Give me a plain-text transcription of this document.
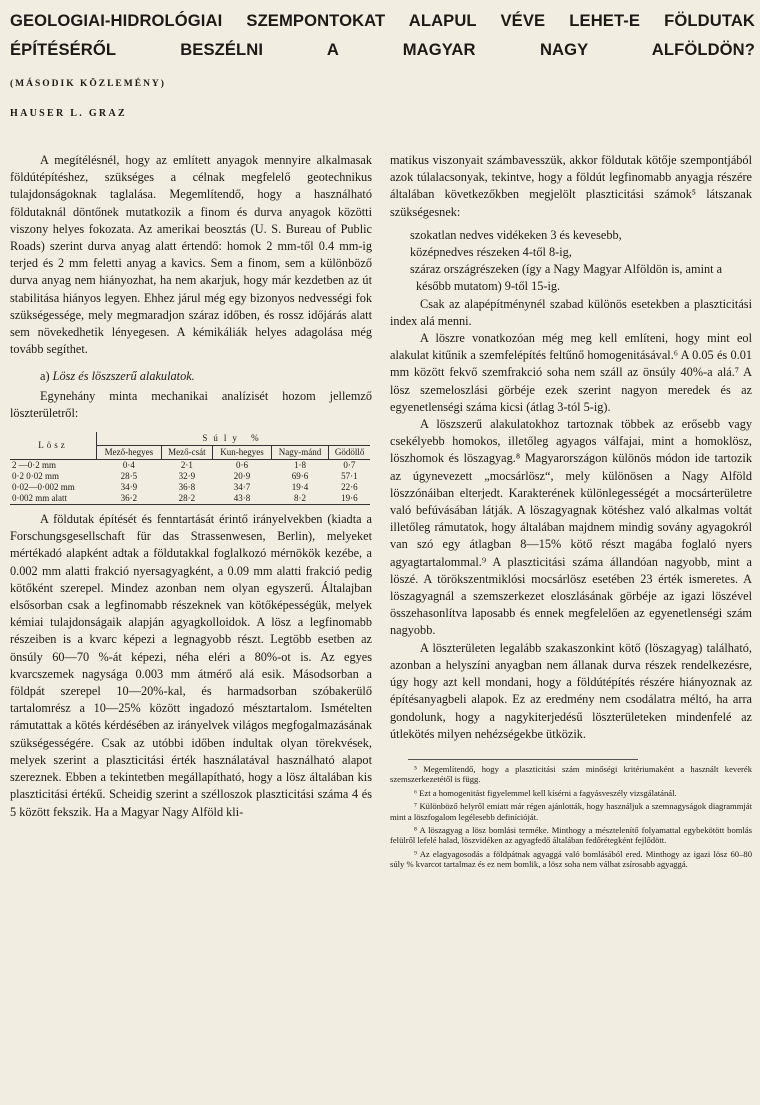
GEOLOGIAI-HIDROLÓGIAI SZEMPONTOKAT ALAPUL VÉVE LEHET-E FÖLDUTAK ÉPÍTÉSÉRŐL BESZÉLNI A MAGYAR NAGY ALFÖLDÖN?
(MÁSODIK KÖZLEMÉNY)
HAUSER L. GRAZ

A megítélésnél, hogy az említett anyagok mennyire alkalmasak földútépítéshez, szükséges a célnak megfelelő geotechnikus tulajdonságoknak taglalása. Megemlítendő, hogy a használható földutaknál döntőnek mutatkozik a finom és durva anyagok közötti viszony helyes fokozata. Az amerikai beosztás (U. S. Bureau of Public Roads) szerint durva anyag alatt értendő: homok 2 mm-től 0.4 mm-ig terjed és 2 mm feletti anyag a kavics. Sem a finom, sem a különböző durva anyag nem hiányozhat, ha nem akarjuk, hogy már kezdetben az út stabilitása hiányos legyen. Ehhez járul még egy bizonyos nedvességi fok szükségessége, mely megmaradjon száraz időben, és rossz időjárás alatt sem növekedhetik lényegesen. A kémikáliák helyes adagolása még tovább segíthet.

a) Lösz és löszszerű alakulatok.

Egynehány minta mechanikai analízisét hozom jellemző löszterületről:

Lösz	Súly %				
	Mező-hegyes	Mező-csát	Kun-hegyes	Nagy-mánd	Gödöllő
2 —0·2 mm	0·4	2·1	0·6	1·8	0·7
0·2 0·02 mm	28·5	32·9	20·9	69·6	57·1
0·02—0·002 mm	34·9	36·8	34·7	19·4	22·6
0·002 mm alatt	36·2	28·2	43·8	8·2	19·6

A földutak építését és fenntartását érintő irányelvekben (kiadta a Forschungsgesellschaft für das Strassenwesen, Berlin), melyeket mértékadó alapként adtak a földutakkal foglalkozó mérnökök kezébe, a 0.002 mm alatti frakció nyersagyagként, a 0.09 mm alatti frakció pedig kötőként szerepel. Mindez azonban nem olyan egyszerű. Általajban elsősorban csak a legfinomabb részeknek van kötőképességük, melyek kémiai tulajdonságaik alapján agyagkolloidok. A lösz a legfinomabb részeiben is a kvarc képezi a legnagyobb részt. Legtöbb esetben az önsúly 60—70 %-át képezi, néha eléri a 80%-ot is. Az egyes kvarcszemek nagysága 0.003 mm átmérő alá esik. Másodsorban a földpát szerepel 10—20%-kal, és harmadsorban szóbakerülő tartalomrész a 10—25% között ingadozó mésztartalom. Ismételten rámutattak a kötés kérdésében az irányelvek világos megfogalmazásának szükségességére. Csak az utóbbi időben indultak olyan törekvések, melyek szerint a plaszticitási érték használatával használható alapot szereznek. Ebben a tekintetben megállapítható, hogy a lösz általában kis plaszticitási értékű. Scheidig szerint a szélloszok plaszticitási száma 4 és 5 között fekszik. Ha a Magyar Nagy Alföld kli-

matikus viszonyait számbavesszük, akkor földutak kötője szempontjából azok túlalacsonyak, tekintve, hogy a földút legfinomabb anyagja részére általában következőkben megjelölt plaszticitási számok⁵ látszanak szükségesnek:

szokatlan nedves vidékeken 3 és kevesebb,

középnedves részeken 4-től 8-ig,

száraz országrészeken (így a Nagy Magyar Alföldön is, amint a később mutatom) 9-től 15-ig.

Csak az alapépítménynél szabad különös esetekben a plaszticitási index alá menni.

A löszre vonatkozóan még meg kell említeni, hogy mint eol alakulat kitűnik a szemfelépítés feltűnő homogenitásával.⁶ A 0.05 és 0.01 mm között fekvő szemfrakció soha nem száll az önsúly 40%-a alá.⁷ A lösz szemeloszlási görbéje ezek szerint nagyon meredek és az egyenetlenségi száma kicsi (átlag 3-tól 5-ig).

A löszszerű alakulatokhoz tartoznak többek az erősebb vagy csekélyebb homokos, illetőleg agyagos válfajai, mint a homoklösz, löszhomok és löszagyag.⁸ Magyarországon különös módon ide tartozik az úgynevezett „mocsárlösz“, mely különösen a Nagy Alföld löszzónáiban elterjedt. Karakterének különlegességét a mocsárterületre való befúvásában látják. A löszagyagnak kötéshez való alkalmas voltát illetőleg rámutatok, hogy általában majdnem mindig sovány agyagokról van szó egy átlagban 8—15% kötő részt magába foglaló nyers agyagtartalommal.⁹ A plaszticitási száma állandóan nagyobb, mint a löszé. A törökszentmiklósi mocsárlösz esetében 23 érték ismeretes. A löszagyagnál a szemszerkezet eloszlásának görbéje az igazi löszével összehasonlítva laposabb és ennek megfelelően az egyenetlenségi szám nagyobb.

A löszterületen legalább szakaszonkint kötő (löszagyag) található, azonban a helyszíni anyagban nem állanak durva részek rendelkezésre, úgy hogy azt kell mondani, hogy a földútépítés részére hiányoznak az építésanyagbeli alapok. Ez az eredmény nem csodálatra méltó, ha arra gondolunk, hogy a nagykiterjedésű löszterületeken mindenfelé az útlekötés milyen nehézségekbe ütközik.

⁵ Megemlítendő, hogy a plaszticitási szám minőségi kritériumaként a használt keverék szemszerkezetétől is függ.

⁶ Ezt a homogenitást figyelemmel kell kísérni a fagyásveszély vizsgálatánál.

⁷ Különböző helyről emiatt már régen ajánlották, hogy használjuk a szemnagyságok diagrammját mint a löszfogalom legélesebb definícióját.

⁸ A löszagyag a lösz bomlási terméke. Minthogy a mésztelenítő folyamattal egybekötött bomlás felülről lefelé halad, löszvidéken az agyagfedő általában fedőrétegként fejlődött.

⁹ Az elagyagosodás a földpátnak agyaggá való bomlásából ered. Minthogy az igazi lösz 60–80 súly % kvarcot tartalmaz és ez nem bomlik, a lösz soha nem válhat zsírosabb agyaggá.
